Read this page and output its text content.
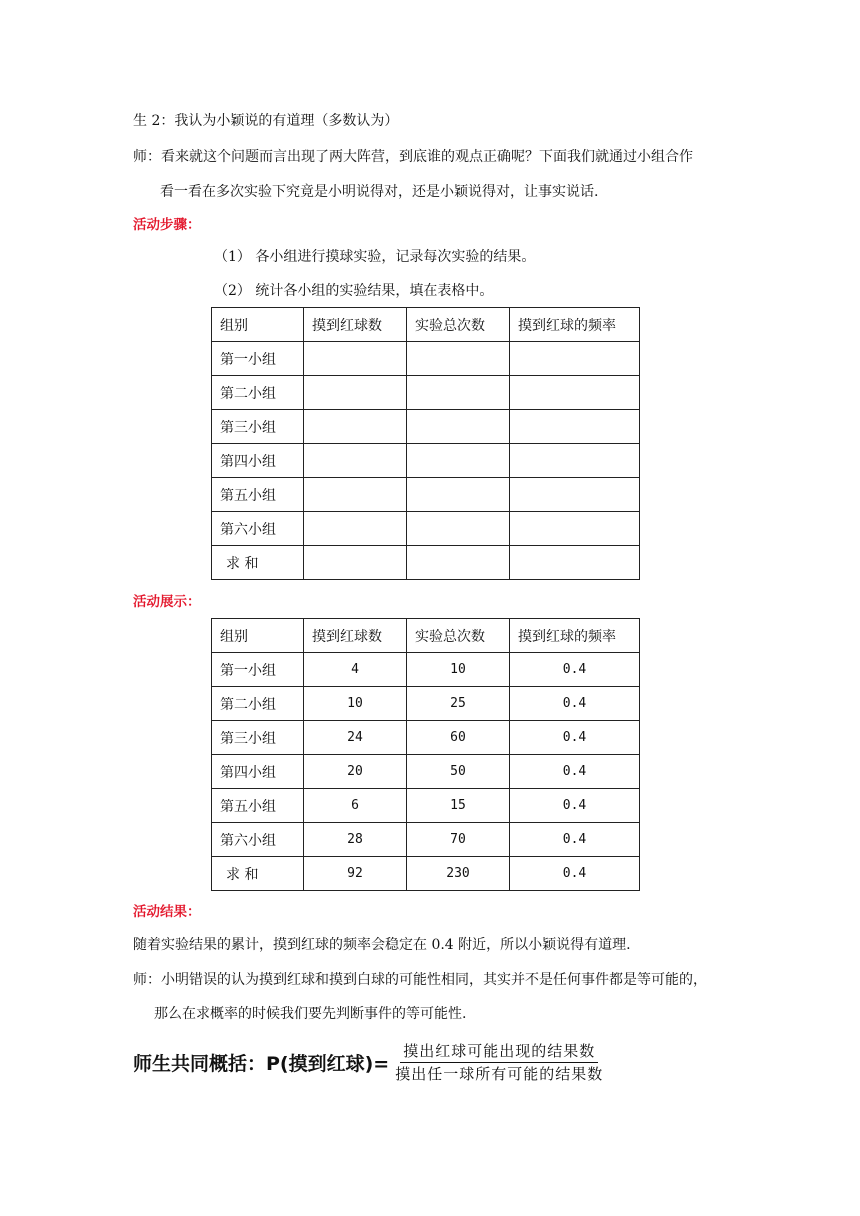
生 2：我认为小颖说的有道理（多数认为）
师：看来就这个问题而言出现了两大阵营，到底谁的观点正确呢？下面我们就通过小组合作
看一看在多次实验下究竟是小明说得对，还是小颖说得对，让事实说话.
活动步骤：
（1） 各小组进行摸球实验，记录每次实验的结果。
（2） 统计各小组的实验结果，填在表格中。
组别	摸到红球数	实验总次数	摸到红球的频率
第一小组			
第二小组			
第三小组			
第四小组			
第五小组			
第六小组			
求 和			
活动展示：
组别	摸到红球数	实验总次数	摸到红球的频率
第一小组	4	10	0.4
第二小组	10	25	0.4
第三小组	24	60	0.4
第四小组	20	50	0.4
第五小组	6	15	0.4
第六小组	28	70	0.4
求 和	92	230	0.4
活动结果：
随着实验结果的累计，摸到红球的频率会稳定在 0.4 附近，所以小颖说得有道理.
师：小明错误的认为摸到红球和摸到白球的可能性相同，其实并不是任何事件都是等可能的，
那么在求概率的时候我们要先判断事件的等可能性.
师生共同概括：P(摸到红球)= $\frac{\text{摸出红球可能出现的结果数}}{\text{摸出任一球所有可能的结果数}}$
